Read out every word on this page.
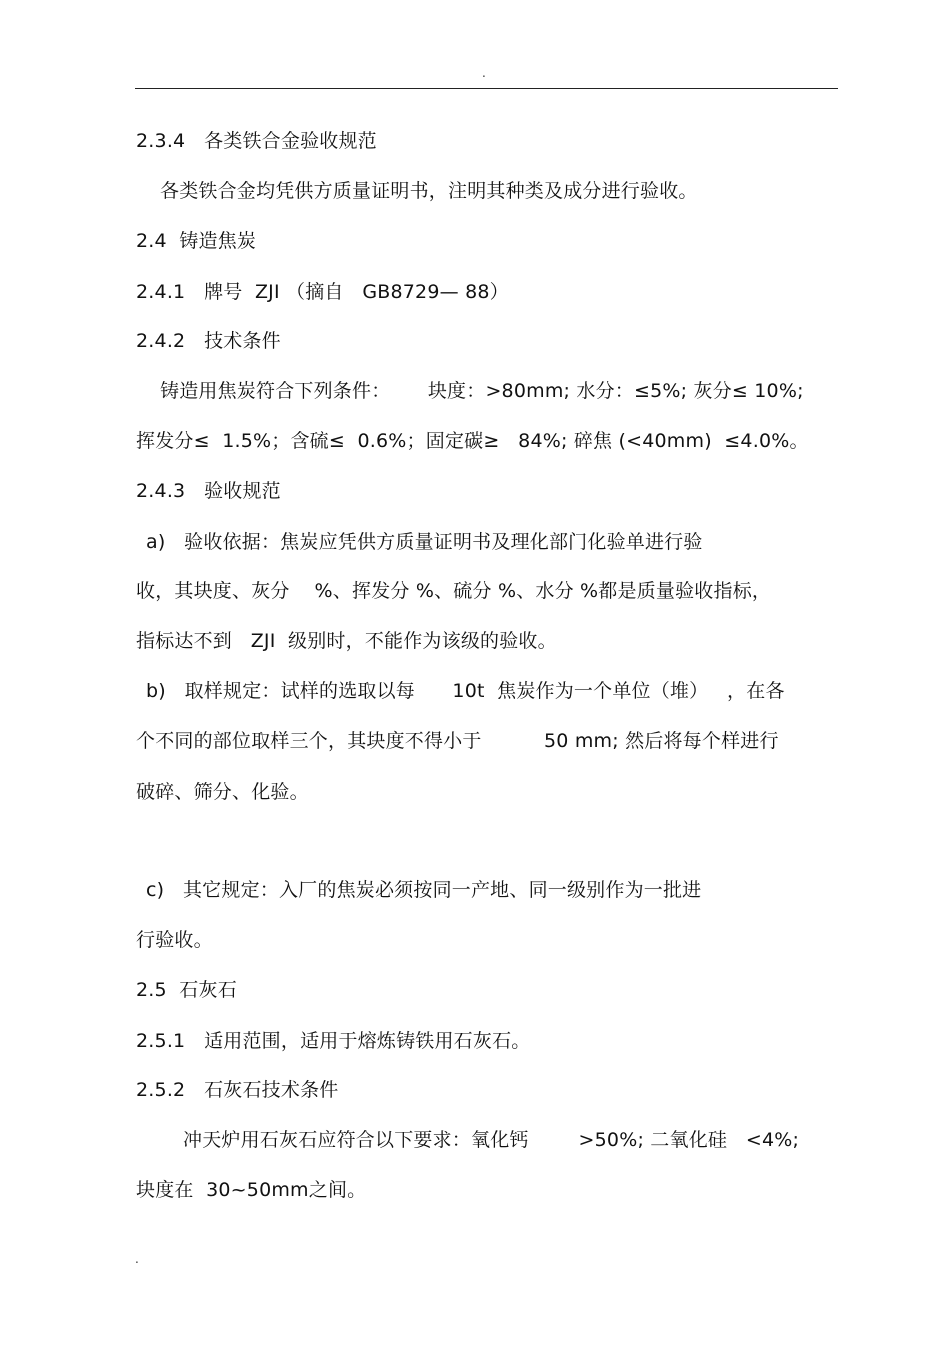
.
2.3.4   各类铁合金验收规范
各类铁合金均凭供方质量证明书，注明其种类及成分进行验收。
2.4  铸造焦炭
2.4.1   牌号  ZJI （摘自   GB8729— 88）
2.4.2   技术条件
铸造用焦炭符合下列条件：      块度：>80mm; 水分：≤5%; 灰分≤ 10%;
挥发分≤  1.5%；含硫≤  0.6%；固定碳≥   84%; 碎焦 (<40mm)  ≤4.0%。
2.4.3   验收规范
a)   验收依据：焦炭应凭供方质量证明书及理化部门化验单进行验
收，其块度、灰分    %、挥发分 %、硫分 %、水分 %都是质量验收指标，
指标达不到   ZJI  级别时，不能作为该级的验收。
b)   取样规定：试样的选取以每      10t  焦炭作为一个单位（堆）   ，在各
个不同的部位取样三个，其块度不得小于          50 mm; 然后将每个样进行
破碎、筛分、化验。
c)   其它规定：入厂的焦炭必须按同一产地、同一级别作为一批进
行验收。
2.5  石灰石
2.5.1   适用范围，适用于熔炼铸铁用石灰石。
2.5.2   石灰石技术条件
冲天炉用石灰石应符合以下要求：氧化钙        >50%; 二氧化硅   <4%;
块度在  30~50mm之间。
.
